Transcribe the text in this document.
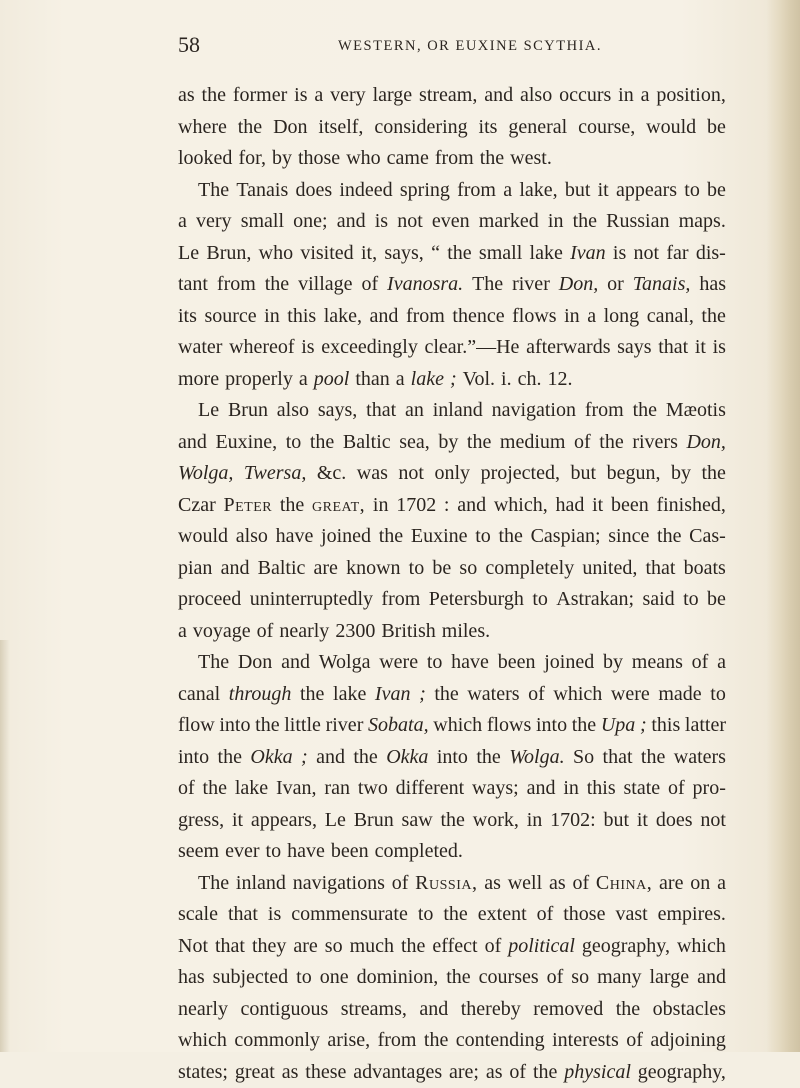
58	WESTERN, OR EUXINE SCYTHIA.
as the former is a very large stream, and also occurs in a position,
where the Don itself, considering its general course, would be
looked for, by those who came from the west.
The Tanais does indeed spring from a lake, but it appears to be
a very small one; and is not even marked in the Russian maps.
Le Brun, who visited it, says, “ the small lake Ivan is not far dis-
tant from the village of Ivanosra. The river Don, or Tanais, has
its source in this lake, and from thence flows in a long canal, the
water whereof is exceedingly clear.”—He afterwards says that it is
more properly a pool than a lake ; Vol. i. ch. 12.
Le Brun also says, that an inland navigation from the Mæotis
and Euxine, to the Baltic sea, by the medium of the rivers Don,
Wolga, Twersa, &c. was not only projected, but begun, by the
Czar Peter the great, in 1702 : and which, had it been finished,
would also have joined the Euxine to the Caspian; since the Cas-
pian and Baltic are known to be so completely united, that boats
proceed uninterruptedly from Petersburgh to Astrakan; said to be
a voyage of nearly 2300 British miles.
The Don and Wolga were to have been joined by means of a
canal through the lake Ivan ; the waters of which were made to
flow into the little river Sobata, which flows into the Upa ; this latter
into the Okka ; and the Okka into the Wolga. So that the waters
of the lake Ivan, ran two different ways; and in this state of pro-
gress, it appears, Le Brun saw the work, in 1702: but it does not
seem ever to have been completed.
The inland navigations of Russia, as well as of China, are on a
scale that is commensurate to the extent of those vast empires.
Not that they are so much the effect of political geography, which
has subjected to one dominion, the courses of so many large and
nearly contiguous streams, and thereby removed the obstacles
which commonly arise, from the contending interests of adjoining
states; great as these advantages are; as of the physical geography,
